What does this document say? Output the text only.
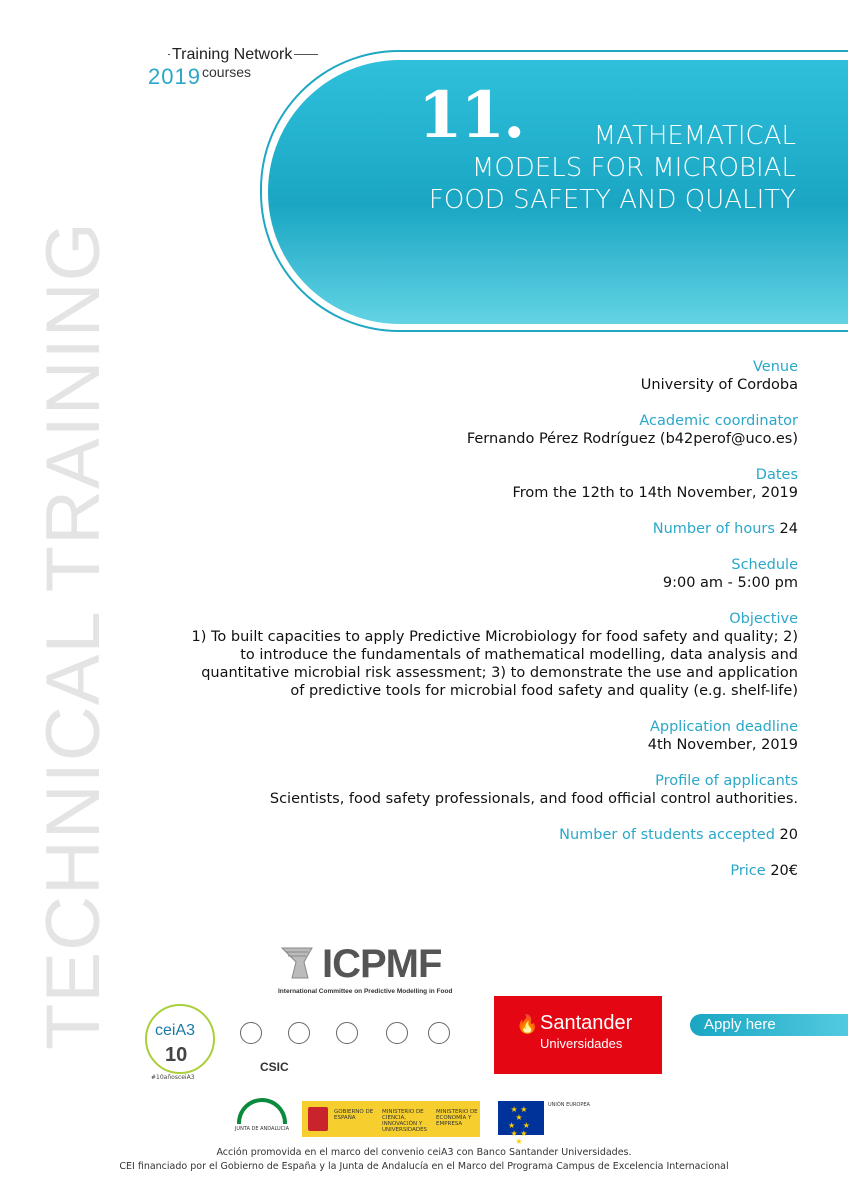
TECHNICAL TRAINING
Training Network
2019 courses
11.	MATHEMATICAL
MODELS FOR MICROBIAL
FOOD SAFETY AND QUALITY
Venue
University of Cordoba
Academic coordinator
Fernando Pérez Rodríguez (b42perof@uco.es)
Dates
From the 12th to 14th November, 2019
Number of hours 24
Schedule
9:00 am - 5:00 pm
Objective
1) To built capacities to apply Predictive Microbiology for food safety and quality; 2)
to introduce the fundamentals of mathematical modelling, data analysis and
quantitative microbial risk assessment; 3) to demonstrate the use and application
of predictive tools for microbial food safety and quality (e.g. shelf-life)
Application deadline
4th November, 2019
Profile of applicants
Scientists, food safety professionals, and food official control authorities.
Number of students accepted 20
Price 20€
ICPMF
International Committee on Predictive Modelling in Food
ceiA3
10
#10añosceiA3
CSIC
🔥 Santander
Universidades
Apply here
JUNTA DE ANDALUCIA
GOBIERNO DE ESPAÑA
MINISTERIO DE CIENCIA, INNOVACIÓN Y UNIVERSIDADES
MINISTERIO DE ECONOMÍA Y EMPRESA
★ ★ ★
★   ★
★ ★ ★
UNIÓN EUROPEA
Acción promovida en el marco del convenio ceiA3 con Banco Santander Universidades.
CEI financiado por el Gobierno de España y la Junta de Andalucía en el Marco del Programa Campus de Excelencia Internacional
